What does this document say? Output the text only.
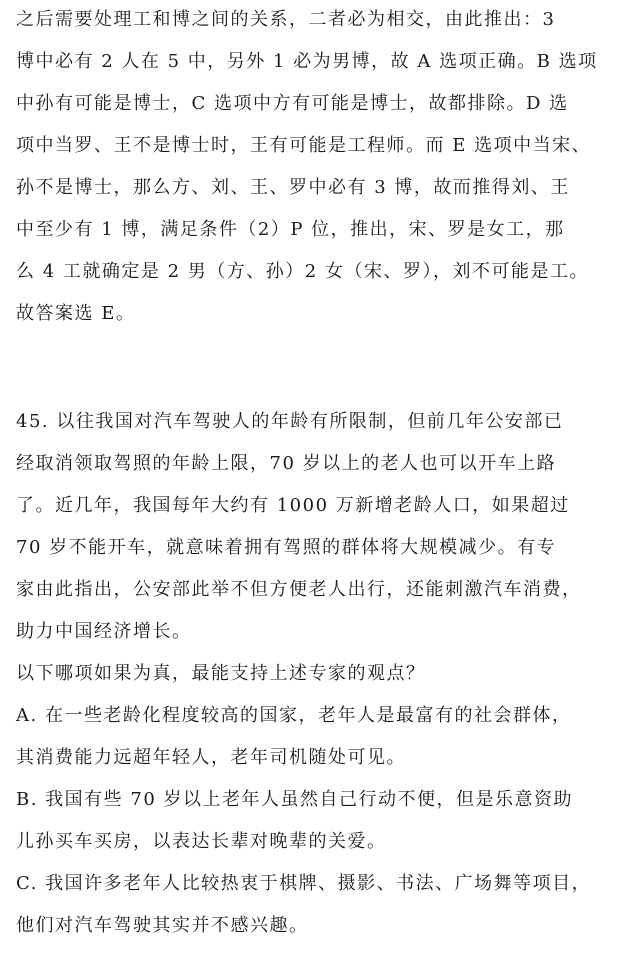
之后需要处理工和博之间的关系，二者必为相交，由此推出：3
博中必有 2 人在 5 中，另外 1 必为男博，故 A 选项正确。B 选项
中孙有可能是博士，C 选项中方有可能是博士，故都排除。D 选
项中当罗、王不是博士时，王有可能是工程师。而 E 选项中当宋、
孙不是博士，那么方、刘、王、罗中必有 3 博，故而推得刘、王
中至少有 1 博，满足条件（2）P 位，推出，宋、罗是女工，那
么 4 工就确定是 2 男（方、孙）2 女（宋、罗），刘不可能是工。
故答案选 E。
45. 以往我国对汽车驾驶人的年龄有所限制，但前几年公安部已
经取消领取驾照的年龄上限，70 岁以上的老人也可以开车上路
了。近几年，我国每年大约有 1000 万新增老龄人口，如果超过
70 岁不能开车，就意味着拥有驾照的群体将大规模减少。有专
家由此指出，公安部此举不但方便老人出行，还能刺激汽车消费，
助力中国经济增长。
以下哪项如果为真，最能支持上述专家的观点？
A. 在一些老龄化程度较高的国家，老年人是最富有的社会群体，
其消费能力远超年轻人，老年司机随处可见。
B. 我国有些 70 岁以上老年人虽然自己行动不便，但是乐意资助
儿孙买车买房，以表达长辈对晚辈的关爱。
C. 我国许多老年人比较热衷于棋牌、摄影、书法、广场舞等项目，
他们对汽车驾驶其实并不感兴趣。
